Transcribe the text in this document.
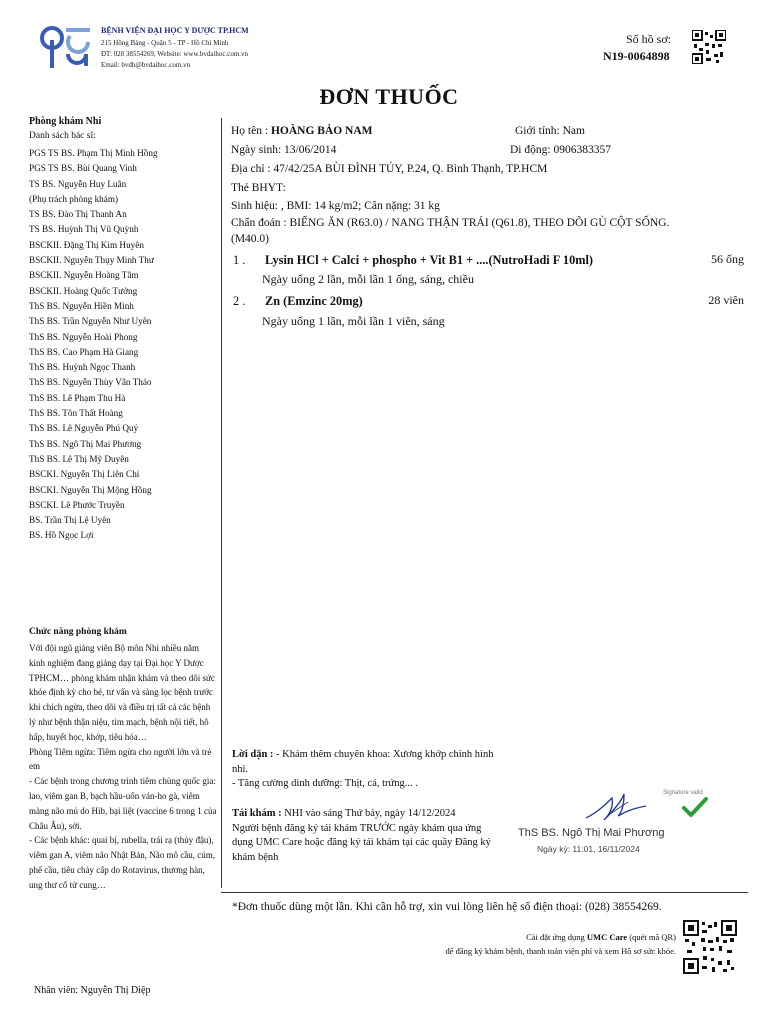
BỆNH VIỆN ĐẠI HỌC Y DƯỢC TP.HCM
215 Hồng Bàng - Quận 5 - TP - Hồ Chí Minh
ĐT: 028 38554269, Website: www.bvdaihoc.com.vn
Email: bvdh@bvdaihoc.com.vn
Số hồ sơ:
N19-0064898
ĐƠN THUỐC
Phòng khám Nhi
Danh sách bác sĩ:
PGS TS BS. Phạm Thị Minh Hồng
PGS TS BS. Bùi Quang Vinh
TS BS. Nguyễn Huy Luân
(Phụ trách phòng khám)
TS BS. Đào Thị Thanh An
TS BS. Huỳnh Thị Vũ Quỳnh
BSCKII. Đặng Thị Kim Huyên
BSCKII. Nguyễn Thụy Minh Thư
BSCKII. Nguyễn Hoàng Tâm
BSCKII. Hoàng Quốc Tưởng
ThS BS. Nguyễn Hiền Minh
ThS BS. Trần Nguyễn Như Uyên
ThS BS. Nguyễn Hoài Phong
ThS BS. Cao Phạm Hà Giang
ThS BS. Huỳnh Ngọc Thanh
ThS BS. Nguyễn Thùy Vân Thảo
ThS BS. Lê Phạm Thu Hà
ThS BS. Tôn Thất Hoàng
ThS BS. Lê Nguyễn Phú Quý
ThS BS. Ngô Thị Mai Phương
ThS BS. Lê Thị Mỹ Duyên
BSCKI. Nguyễn Thị Liên Chi
BSCKI. Nguyễn Thị Mộng Hồng
BSCKI. Lê Phước Truyền
BS. Trần Thị Lệ Uyên
BS. Hồ Ngọc Lợi
Chức năng phòng khám

Với đội ngũ giảng viên Bộ môn Nhi nhiều năm kinh nghiệm đang giảng dạy tại Đại học Y Dược TPHCM… phòng khám nhận khám và theo dõi sức khỏe định kỳ cho bé, tư vấn và sàng lọc bệnh trước khi chích ngừa, theo dõi và điều trị tất cả các bệnh lý như bệnh thận niệu, tim mạch, bệnh nội tiết, hô hấp, huyết học, khớp, tiêu hóa…

Phòng Tiêm ngừa: Tiêm ngừa cho người lớn và trẻ em

- Các bệnh trong chương trình tiêm chủng quốc gia: lao, viêm gan B, bạch hầu-uốn ván-ho gà, viêm màng não mủ do Hib, bại liệt (vaccine 6 trong 1 của Châu Âu), sởi.

- Các bệnh khác: quai bị, rubella, trái rạ (thủy đậu), viêm gan A, viêm não Nhật Bản, Não mô cầu, cúm, phế cầu, tiêu chảy cấp do Rotavirus, thương hàn, ung thư cổ tử cung…

Nhân viên: Nguyễn Thị Diệp
Họ tên : HOÀNG BẢO NAM	Giới tính: Nam
Ngày sinh: 13/06/2014	Di động: 0906383357
Địa chỉ : 47/42/25A BÙI ĐÌNH TÚY, P.24, Q. Bình Thạnh, TP.HCM
Thẻ BHYT:
Sinh hiệu: , BMI: 14 kg/m2; Cân nặng: 31 kg
Chẩn đoán : BIẾNG ĂN (R63.0) / NANG THẬN TRÁI (Q61.8), THEO DÕI GÙ CỘT SỐNG.
(M40.0)
1 . Lysin HCl + Calci + phospho + Vit B1 + ....(NutroHadi F 10ml)	56 ống
Ngày uống 2 lần, mỗi lần 1 ống, sáng, chiều
2 . Zn (Emzinc 20mg)	28 viên
Ngày uống 1 lần, mỗi lần 1 viên, sáng

Lời dặn : - Khám thêm chuyên khoa: Xương khớp chỉnh hình nhi.

- Tăng cường dinh dưỡng: Thịt, cá, trứng... .

Tái khám : NHI vào sáng Thứ bảy, ngày 14/12/2024

Người bệnh đăng ký tái khám TRƯỚC ngày khám qua ứng dụng UMC Care hoặc đăng ký tái khám tại các quầy Đăng ký khám bệnh

Signature valid
ThS BS. Ngô Thị Mai Phương
Ngày ký: 11:01, 16/11/2024
*Đơn thuốc dùng một lần. Khi cần hỗ trợ, xin vui lòng liên hệ số điện thoại: (028) 38554269.
Cài đặt ứng dụng UMC Care (quét mã QR)
để đăng ký khám bệnh, thanh toán viện phí và xem Hồ sơ sức khỏe.
